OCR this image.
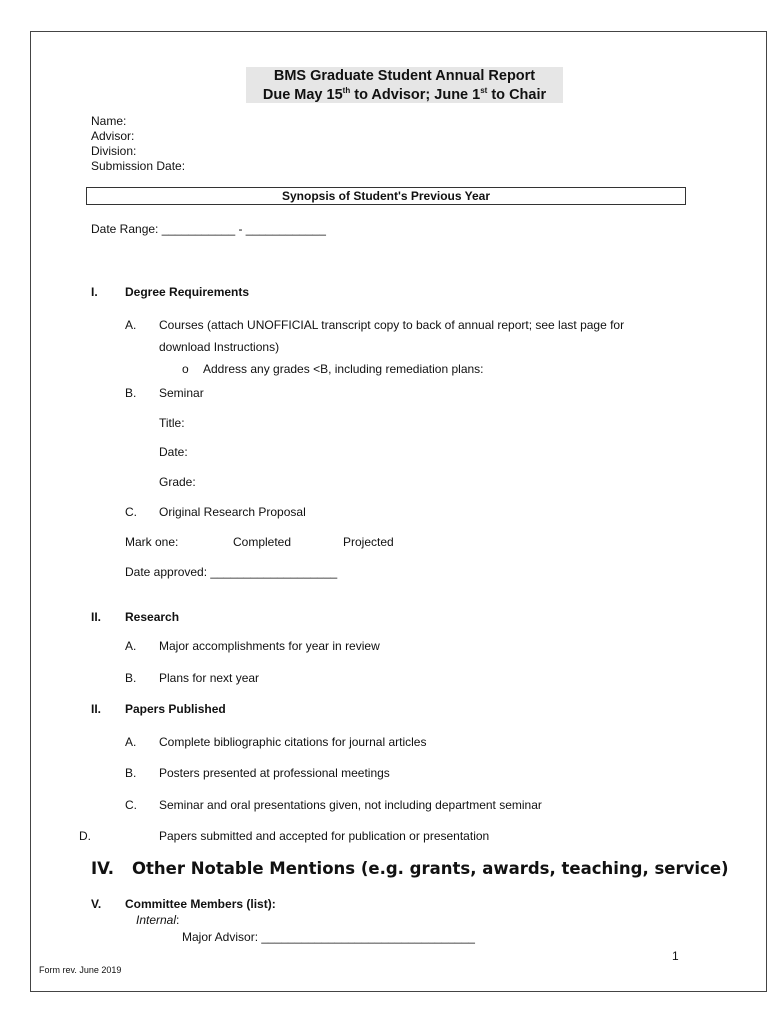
BMS Graduate Student Annual Report
Due May 15th to Advisor; June 1st to Chair
Name:
Advisor:
Division:
Submission Date:
Synopsis of Student's Previous Year
Date Range: ___________ - ____________
I. Degree Requirements
A. Courses (attach UNOFFICIAL transcript copy to back of annual report; see last page for
download Instructions)
o Address any grades <B, including remediation plans:
B. Seminar
Title:
Date:
Grade:
C. Original Research Proposal
Mark one:	Completed	Projected
Date approved: ___________________
II. Research
A. Major accomplishments for year in review
B. Plans for next year
II. Papers Published
A. Complete bibliographic citations for journal articles
B. Posters presented at professional meetings
C. Seminar and oral presentations given, not including department seminar
D.	Papers submitted and accepted for publication or presentation
IV. Other Notable Mentions (e.g. grants, awards, teaching, service)
V. Committee Members (list):
Internal:
Major Advisor: ________________________________
1
Form rev. June 2019
